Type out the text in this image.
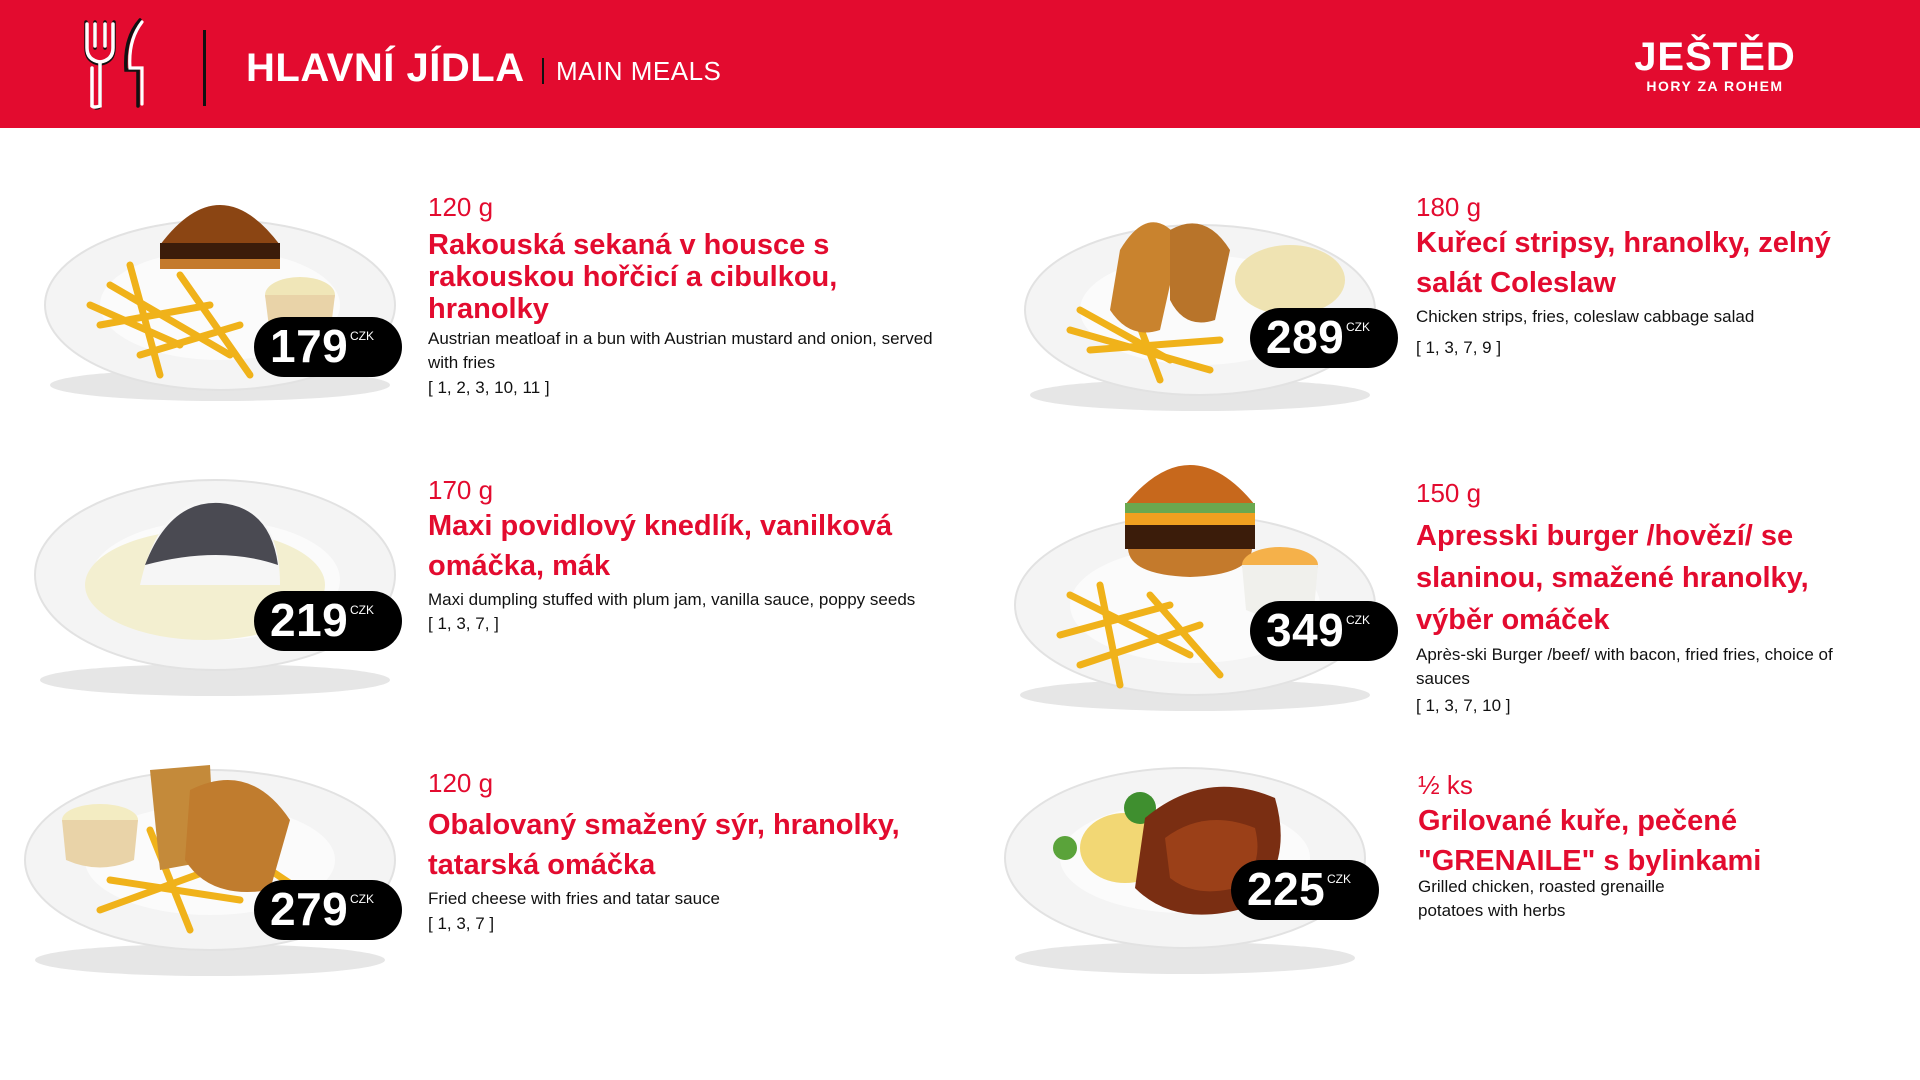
HLAVNÍ JÍDLA MAIN MEALS	JEŠTĚD
HORY ZA ROHEM
179 CZK
120 g
Rakouská sekaná v housce s rakouskou hořčicí a cibulkou, hranolky
Austrian meatloaf in a bun with Austrian mustard and onion, served with fries
[ 1, 2, 3, 10, 11 ]
289 CZK
180 g
Kuřecí stripsy, hranolky, zelný salát Coleslaw
Chicken strips, fries, coleslaw cabbage salad
[ 1, 3, 7, 9 ]
219 CZK
170 g
Maxi povidlový knedlík, vanilková omáčka, mák
Maxi dumpling stuffed with plum jam, vanilla sauce, poppy seeds
[ 1, 3, 7, ]	349 CZK
150 g
Apresski burger /hovězí/ se slaninou, smažené hranolky, výběr omáček
Après-ski Burger /beef/ with bacon, fried fries, choice of sauces
[ 1, 3, 7, 10 ]
279 CZK
120 g
Obalovaný smažený sýr, hranolky, tatarská omáčka
Fried cheese with fries and tatar sauce
[ 1, 3, 7 ]
225 CZK
½ ks
Grilované kuře, pečené "GRENAILE" s bylinkami
Grilled chicken, roasted grenaille potatoes with herbs
